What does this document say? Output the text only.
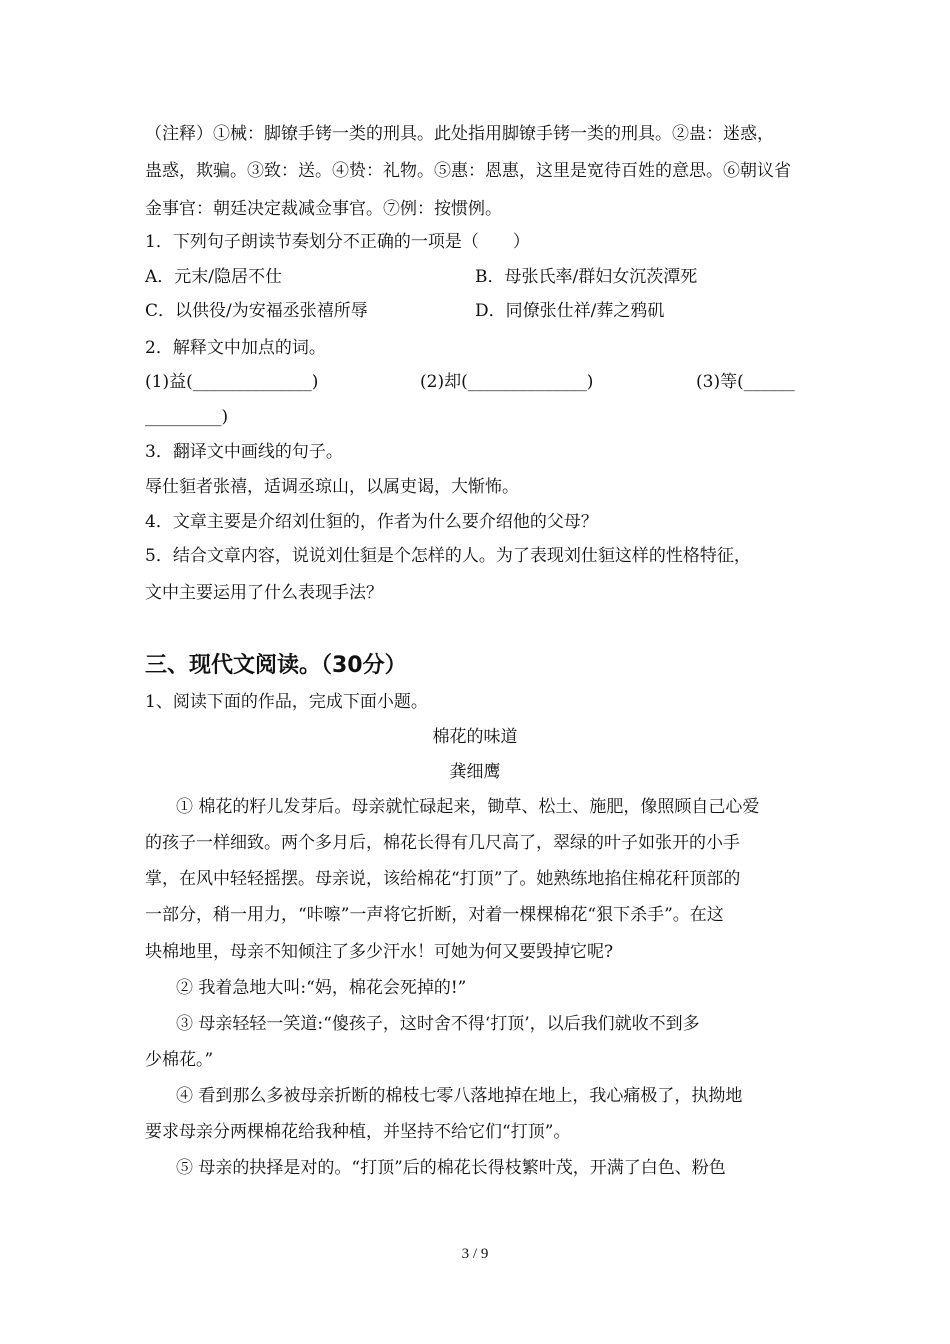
（注释）①械：脚镣手铐一类的刑具。此处指用脚镣手铐一类的刑具。②蛊：迷惑，
蛊惑，欺骗。③致：送。④贽：礼物。⑤惠：恩惠，这里是宽待百姓的意思。⑥朝议省
金事官：朝廷决定裁减佥事官。⑦例：按惯例。
1．下列句子朗读节奏划分不正确的一项是（　　）
A．元末/隐居不仕	B．母张氏率/群妇女沉茨潭死
C．以供役/为安福丞张禧所辱	D．同僚张仕祥/葬之鸦矶
2．解释文中加点的词。
(1)益(______________)	(2)却(______________)	(3)等(______
_________)
3．翻译文中画线的句子。
辱仕貆者张禧，适调丞琼山，以属吏谒，大惭怖。
4．文章主要是介绍刘仕貆的，作者为什么要介绍他的父母？
5．结合文章内容，说说刘仕貆是个怎样的人。为了表现刘仕貆这样的性格特征，
文中主要运用了什么表现手法？
三、现代文阅读。（30分）
1、阅读下面的作品，完成下面小题。
棉花的味道
龚细鹰
① 棉花的籽儿发芽后。母亲就忙碌起来，锄草、松土、施肥，像照顾自己心爱
的孩子一样细致。两个多月后，棉花长得有几尺高了，翠绿的叶子如张开的小手
掌，在风中轻轻摇摆。母亲说，该给棉花“打顶”了。她熟练地掐住棉花秆顶部的
一部分，稍一用力，“咔嚓”一声将它折断，对着一棵棵棉花“狠下杀手”。在这
块棉地里，母亲不知倾注了多少汗水！可她为何又要毁掉它呢?
② 我着急地大叫:“妈，棉花会死掉的!”
③ 母亲轻轻一笑道:“傻孩子，这时舍不得‘打顶’，以后我们就收不到多
少棉花。”
④ 看到那么多被母亲折断的棉枝七零八落地掉在地上，我心痛极了，执拗地
要求母亲分两棵棉花给我种植，并坚持不给它们“打顶”。
⑤ 母亲的抉择是对的。“打顶”后的棉花长得枝繁叶茂，开满了白色、粉色
3 / 9
